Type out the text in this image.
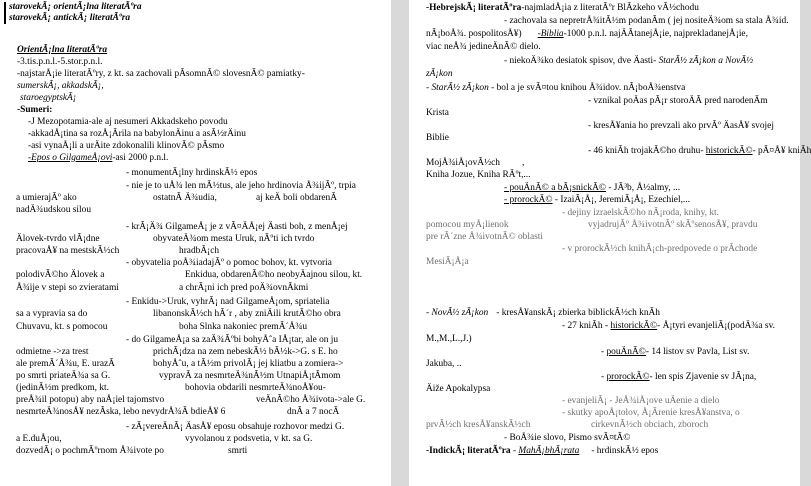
starovekÃ¡ orientÃ¡lna literatÃºra
starovekÃ¡ antickÃ¡ literatÃºra
OrientÃ¡lna literatÃºra
-3.tis.p.n.l.-5.stor.p.n.l.
-najstarÅ¡ie literatÃºry, z kt. sa zachovali pÃsomnÃ© slovesnÃ© pamiatky-
sumerskÃ¡, akkadskÃ¡,
staroegyptskÃ¡
-Sumeri:
-J Mezopotamia-ale aj nesumeri Akkadskeho povodu
-akkadÅ¡tina sa rozÅ¡Ãrila na babylonÄinu a asÃ½rÄinu
-asi vynaÅ¡li a urÄite zdokonalili klinovÃ© pÃsmo
-Epos o GilgameÅ¡ovi-asi 2000 p.n.l.
- monumentÃ¡lny hrdinskÃ½ epos
- nie je to uÅ¾ len mÃ½tus, ale jeho hrdinovia Å¾ijÃº, trpia
a umierajÃº ako	ostatnÃ Ä¾udia,	aj keÄ boli obdarenÃ
nadÄ¾udskou silou
- krÃ¡Ä¾ GilgameÅ¡ je z vÃ¤ÄÅ¡ej Äasti boh, z menÅ¡ej
Älovek-tvrdo vlÃ¡dne	obyvateÄ¾om mesta Uruk, nÃºti ich tvrdo
pracovaÅ¥ na mestskÃ½ch	hradbÃ¡ch
- obyvatelia poÅ¾iadajÃº o pomoc bohov, kt. vytvoria
polodivÃ©ho Älovek a	Enkidua, obdarenÃ©ho neobyÄajnou silou, kt.
Å¾ije v stepi so zvieratami	a chrÃ¡ni ich pred poÄ¾ovnÃkmi
- Enkidu->Uruk, vyhrÃ¡ nad GilgameÅ¡om, spriatelia
sa a vypravia sa do	libanonskÃ½ch hÃ´r , aby zniÄili krutÃ©ho obra
Chuvavu, kt. s pomocou	boha Slnka nakoniec premÃ´Å¾u
- do GilgameÅ¡a sa zaÄ¾Ãºbi bohyÅˆa IÅ¡tar, ale on ju
odmietne ->za trest	prichÃ¡dza na zem nebeskÃ½ bÃ½k->G. s E. ho
ale premÃ´Å¾u, E. urazÃ	bohyÅˆu, a tÃ½m privolÃ¡ jej kliatbu a zomiera->
po smrti priateÄ¾a sa G.	vypravÃ za nesmrteÄ¾nÃ½m UtnapiÅ¡tÃmom
(jedinÃ½m predkom, kt.	bohovia obdarili nesmrteÄ¾noÅ¥ou-
preÅ¾il potopu) aby naÅ¡iel tajomstvo	veÄnÃ©ho Å¾ivota->ale G.
nesmrteÄ¾nosÅ¥ nezÃska, lebo nevydrÅ¾Ã bdieÅ¥ 6	dnÃ a 7 nocÃ
- zÃ¡vereÄnÃ¡ ÄasÅ¥ eposu obsahuje rozhovor medzi G.
a E.duÅ¡ou,	vyvolanou z podsvetia, v kt. sa G.
dozvedÃ¡ o pochmÃºrnom Å¾ivote po	smrti
-HebrejskÃ¡ literatÃºra-najmladÅ¡ia z literatÃºr BlÃzkeho vÃ½chodu
- zachovala sa nepretrÅ¾itÃ½m podanÃm ( jej nositeÄ¾om sa stala Å¾id.
nÃ¡boÅ¾. pospolitosÅ¥) -Biblia-1000 p.n.l. najÄÃtanejÅ¡ie, najprekladanejÅ¡ie,
viac neÅ¾ jedineÄnÃ© dielo.
- niekoÄ¾ko desiatok spisov, dve Äasti- StarÃ½ zÃ¡kon a NovÃ½
zÃ¡kon
- StarÃ½ zÃ¡kon - bol a je svÃ¤tou knihou Å¾idov. nÃ¡boÅ¾enstva
- vznikal poÄas pÃ¡r storoÄÃ pred narodenÃm
Krista
- kresÅ¥ania ho prevzali ako prvÃº ÄasÅ¥ svojej
Biblie
- 46 kniÃh trojakÃ©ho druhu- historickÃ©- pÃ¤Å¥ kniÃh
MojÅ¾iÅ¡ovÃ½ch ,
Kniha Jozue, Kniha RÃºt,...
- pouÄnÃ© a bÃ¡snickÃ© - JÃ³b, Å½almy, ...
- prorockÃ© - IzaiÃ¡Å¡, JeremiÃ¡Å¡, Ezechiel,...
- dejiny izraelskÃ©ho nÃ¡roda, knihy, kt.
pomocou myÅ¡lienok	vyjadrujÃº Å¾ivotnÃº skÃºsenosÅ¥, pravdu
pre rÃ´zne Å¾ivotnÃ© oblasti
- v prorockÃ½ch knihÃ¡ch-predpovede o prÃchode
MesiÃ¡Å¡a
- NovÃ½ zÃ¡kon - kresÅ¥anskÃ¡ zbierka biblickÃ½ch knÃh
- 27 kniÃh - historickÃ©- Å¡tyri evanjeliÃ¡(podÄ¾a sv.
M.,M.,L.,J.)
- pouÄnÃ©- 14 listov sv Pavla, List sv.
Jakuba, ..
- prorockÃ©- len spis Zjavenie sv JÃ¡na,
Äiže Apokalypsa
- evanjeliÃ¡ - JeÅ¾iÅ¡ove uÄenie a dielo
- skutky apoÅ¡tolov, Å¡Ãrenie kresÅ¥anstva, o
prvÃ½ch kresÅ¥anskÃ½ch	cirkevnÃ½ch obciach, zboroch
- BoÅ¾ie slovo, Pismo svÃ¤tÃ©
-IndickÃ¡ literatÃºra - MahÃ¡bhÃ¡rata - hrdinskÃ½ epos
